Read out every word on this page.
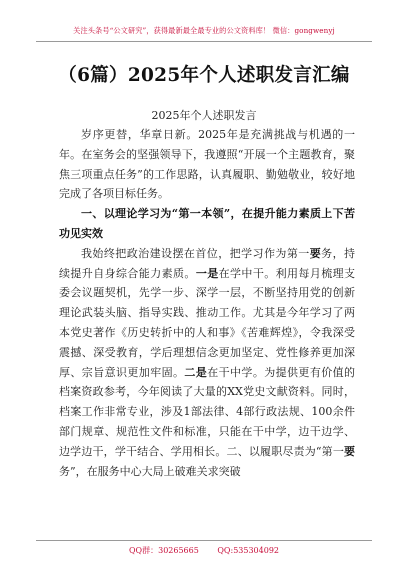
关注头条号“公文研究”，获得最新最全最专业的公文资料库！ 微信：gongwenyj
（6篇）2025年个人述职发言汇编
2025年个人述职发言

岁序更替，华章日新。2025年是充满挑战与机遇的一年。在室务会的坚强领导下，我遵照“开展一个主题教育，聚焦三项重点任务”的工作思路，认真履职、勤勉敬业，较好地完成了各项目标任务。

一、以理论学习为“第一本领”，在提升能力素质上下苦功见实效

我始终把政治建设摆在首位，把学习作为第一要务，持续提升自身综合能力素质。一是在学中干。利用每月梳理支委会议题契机，先学一步、深学一层，不断坚持用党的创新理论武装头脑、指导实践、推动工作。尤其是今年学习了两本党史著作《历史转折中的人和事》《苦难辉煌》，令我深受震撼、深受教育，学后理想信念更加坚定、党性修养更加深厚、宗旨意识更加牢固。二是在干中学。为提供更有价值的档案资政参考，今年阅读了大量的XX党史文献资料。同时，档案工作非常专业，涉及1部法律、4部行政法规、100余件部门规章、规范性文件和标准，只能在干中学，边干边学、边学边干，学干结合、学用相长。二、以履职尽责为“第一要务”，在服务中心大局上破难关求突破

QQ群：30265665 QQ:535304092
